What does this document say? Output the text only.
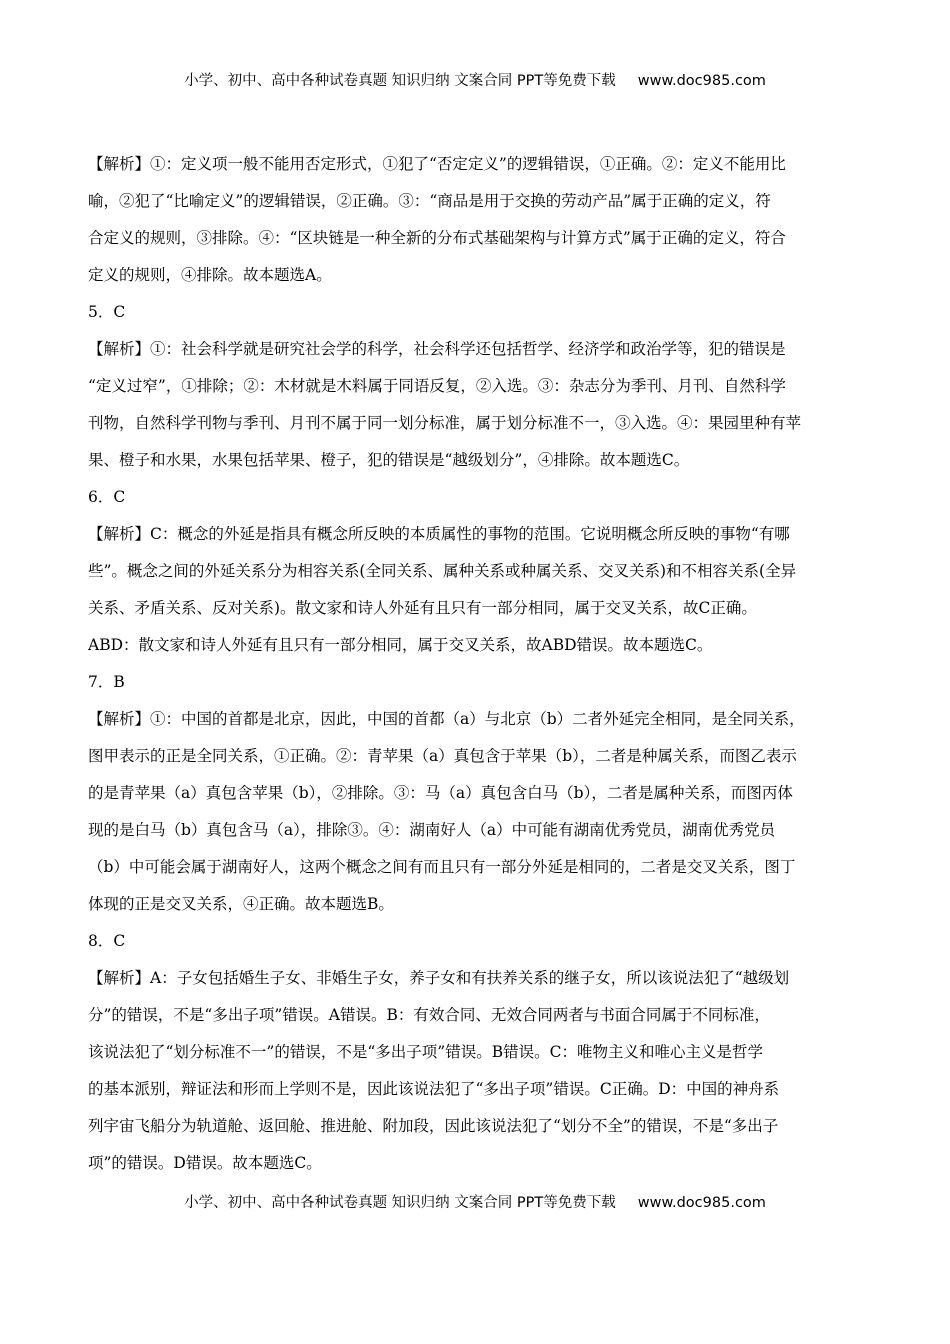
小学、初中、高中各种试卷真题 知识归纳 文案合同 PPT等免费下载 www.doc985.com
【解析】①：定义项一般不能用否定形式，①犯了“否定定义”的逻辑错误，①正确。②：定义不能用比
喻，②犯了“比喻定义”的逻辑错误，②正确。③：“商品是用于交换的劳动产品”属于正确的定义，符
合定义的规则，③排除。④：“区块链是一种全新的分布式基础架构与计算方式”属于正确的定义，符合
定义的规则，④排除。故本题选A。
5．C
【解析】①：社会科学就是研究社会学的科学，社会科学还包括哲学、经济学和政治学等，犯的错误是
“定义过窄”，①排除；②：木材就是木料属于同语反复，②入选。③：杂志分为季刊、月刊、自然科学
刊物，自然科学刊物与季刊、月刊不属于同一划分标准，属于划分标准不一，③入选。④：果园里种有苹
果、橙子和水果，水果包括苹果、橙子，犯的错误是“越级划分”，④排除。故本题选C。
6．C
【解析】C：概念的外延是指具有概念所反映的本质属性的事物的范围。它说明概念所反映的事物“有哪
些”。概念之间的外延关系分为相容关系(全同关系、属种关系或种属关系、交叉关系)和不相容关系(全异
关系、矛盾关系、反对关系)。散文家和诗人外延有且只有一部分相同，属于交叉关系，故C正确。
ABD：散文家和诗人外延有且只有一部分相同，属于交叉关系，故ABD错误。故本题选C。
7．B
【解析】①：中国的首都是北京，因此，中国的首都（a）与北京（b）二者外延完全相同，是全同关系，
图甲表示的正是全同关系，①正确。②：青苹果（a）真包含于苹果（b），二者是种属关系，而图乙表示
的是青苹果（a）真包含苹果（b），②排除。③：马（a）真包含白马（b），二者是属种关系，而图丙体
现的是白马（b）真包含马（a），排除③。④：湖南好人（a）中可能有湖南优秀党员，湖南优秀党员
（b）中可能会属于湖南好人，这两个概念之间有而且只有一部分外延是相同的，二者是交叉关系，图丁
体现的正是交叉关系，④正确。故本题选B。
8．C
【解析】A：子女包括婚生子女、非婚生子女，养子女和有扶养关系的继子女，所以该说法犯了“越级划
分”的错误，不是“多出子项”错误。A错误。B：有效合同、无效合同两者与书面合同属于不同标准，
该说法犯了“划分标准不一”的错误，不是“多出子项”错误。B错误。C：唯物主义和唯心主义是哲学
的基本派别，辩证法和形而上学则不是，因此该说法犯了“多出子项”错误。C正确。D：中国的神舟系
列宇宙飞船分为轨道舱、返回舱、推进舱、附加段，因此该说法犯了“划分不全”的错误，不是“多出子
项”的错误。D错误。故本题选C。
小学、初中、高中各种试卷真题 知识归纳 文案合同 PPT等免费下载 www.doc985.com
